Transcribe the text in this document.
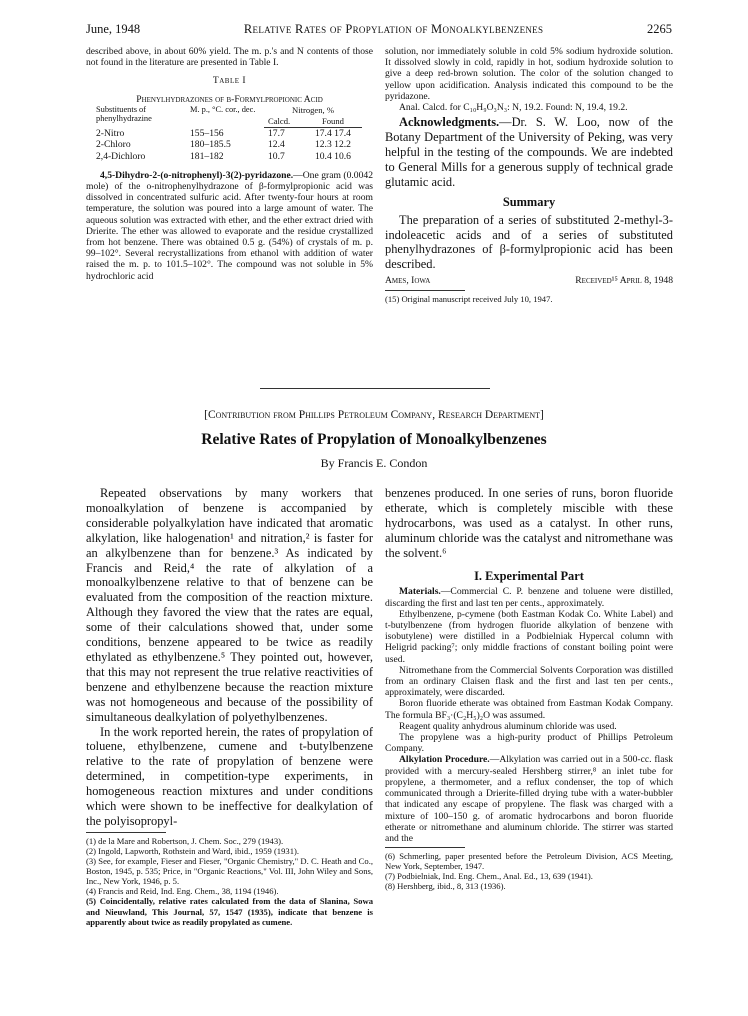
June, 1948	Relative Rates of Propylation of Monoalkylbenzenes	2265

described above, in about 60% yield. The m. p.'s and N contents of those not found in the literature are presented in Table I.

Table I

Phenylhydrazones of β-Formylpropionic Acid

Substituents of phenylhydrazine	M. p., °C. cor., dec.	Nitrogen, %	
		Calcd.	Found
2-Nitro	155–156	17.7	17.4 17.4
2-Chloro	180–185.5	12.4	12.3 12.2
2,4-Dichloro	181–182	10.7	10.4 10.6

4,5-Dihydro-2-(o-nitrophenyl)-3(2)-pyridazone.—One gram (0.0042 mole) of the o-nitrophenylhydrazone of β-formylpropionic acid was dissolved in concentrated sulfuric acid. After twenty-four hours at room temperature, the solution was poured into a large amount of water. The aqueous solution was extracted with ether, and the ether extract dried with Drierite. The ether was allowed to evaporate and the residue crystallized from hot benzene. There was obtained 0.5 g. (54%) of crystals of m. p. 99–102°. Several recrystallizations from ethanol with addition of water raised the m. p. to 101.5–102°. The compound was not soluble in 5% hydrochloric acid

solution, nor immediately soluble in cold 5% sodium hydroxide solution. It dissolved slowly in cold, rapidly in hot, sodium hydroxide solution to give a deep red-brown solution. The color of the solution changed to yellow upon acidification. Analysis indicated this compound to be the pyridazone.

Anal. Calcd. for C₁₀H₉O₃N₃: N, 19.2. Found: N, 19.4, 19.2.

Acknowledgments.—Dr. S. W. Loo, now of the Botany Department of the University of Peking, was very helpful in the testing of the compounds. We are indebted to General Mills for a generous supply of technical grade glutamic acid.

Summary

The preparation of a series of substituted 2-methyl-3-indoleacetic acids and of a series of substituted phenylhydrazones of β-formylpropionic acid has been described.

Ames, Iowa	Received¹⁵ April 8, 1948

(15) Original manuscript received July 10, 1947.

[Contribution from Phillips Petroleum Company, Research Department]
Relative Rates of Propylation of Monoalkylbenzenes
By Francis E. Condon

Repeated observations by many workers that monoalkylation of benzene is accompanied by considerable polyalkylation have indicated that aromatic alkylation, like halogenation¹ and nitration,² is faster for an alkylbenzene than for benzene.³ As indicated by Francis and Reid,⁴ the rate of alkylation of a monoalkylbenzene relative to that of benzene can be evaluated from the composition of the reaction mixture. Although they favored the view that the rates are equal, some of their calculations showed that, under some conditions, benzene appeared to be twice as readily ethylated as ethylbenzene.⁵ They pointed out, however, that this may not represent the true relative reactivities of benzene and ethylbenzene because the reaction mixture was not homogeneous and because of the possibility of simultaneous dealkylation of polyethylbenzenes.

In the work reported herein, the rates of propylation of toluene, ethylbenzene, cumene and t-butylbenzene relative to the rate of propylation of benzene were determined, in competition-type experiments, in homogeneous reaction mixtures and under conditions which were shown to be ineffective for dealkylation of the polyisopropyl-

(1) de la Mare and Robertson, J. Chem. Soc., 279 (1943).

(2) Ingold, Lapworth, Rothstein and Ward, ibid., 1959 (1931).

(3) See, for example, Fieser and Fieser, "Organic Chemistry," D. C. Heath and Co., Boston, 1945, p. 535; Price, in "Organic Reactions," Vol. III, John Wiley and Sons, Inc., New York, 1946, p. 5.

(4) Francis and Reid, Ind. Eng. Chem., 38, 1194 (1946).

(5) Coincidentally, relative rates calculated from the data of Slanina, Sowa and Nieuwland, This Journal, 57, 1547 (1935), indicate that benzene is apparently about twice as readily propylated as cumene.

benzenes produced. In one series of runs, boron fluoride etherate, which is completely miscible with these hydrocarbons, was used as a catalyst. In other runs, aluminum chloride was the catalyst and nitromethane was the solvent.⁶

I. Experimental Part

Materials.—Commercial C. P. benzene and toluene were distilled, discarding the first and last ten per cents., approximately.

Ethylbenzene, p-cymene (both Eastman Kodak Co. White Label) and t-butylbenzene (from hydrogen fluoride alkylation of benzene with isobutylene) were distilled in a Podbielniak Hypercal column with Heligrid packing⁷; only middle fractions of constant boiling point were used.

Nitromethane from the Commercial Solvents Corporation was distilled from an ordinary Claisen flask and the first and last ten per cents., approximately, were discarded.

Boron fluoride etherate was obtained from Eastman Kodak Company. The formula BF₃·(C₂H₅)₂O was assumed.

Reagent quality anhydrous aluminum chloride was used.

The propylene was a high-purity product of Phillips Petroleum Company.

Alkylation Procedure.—Alkylation was carried out in a 500-cc. flask provided with a mercury-sealed Hershberg stirrer,⁸ an inlet tube for propylene, a thermometer, and a reflux condenser, the top of which communicated through a Drierite-filled drying tube with a water-bubbler that indicated any escape of propylene. The flask was charged with a mixture of 100–150 g. of aromatic hydrocarbons and boron fluoride etherate or nitromethane and aluminum chloride. The stirrer was started and the

(6) Schmerling, paper presented before the Petroleum Division, ACS Meeting, New York, September, 1947.

(7) Podbielniak, Ind. Eng. Chem., Anal. Ed., 13, 639 (1941).

(8) Hershberg, ibid., 8, 313 (1936).
